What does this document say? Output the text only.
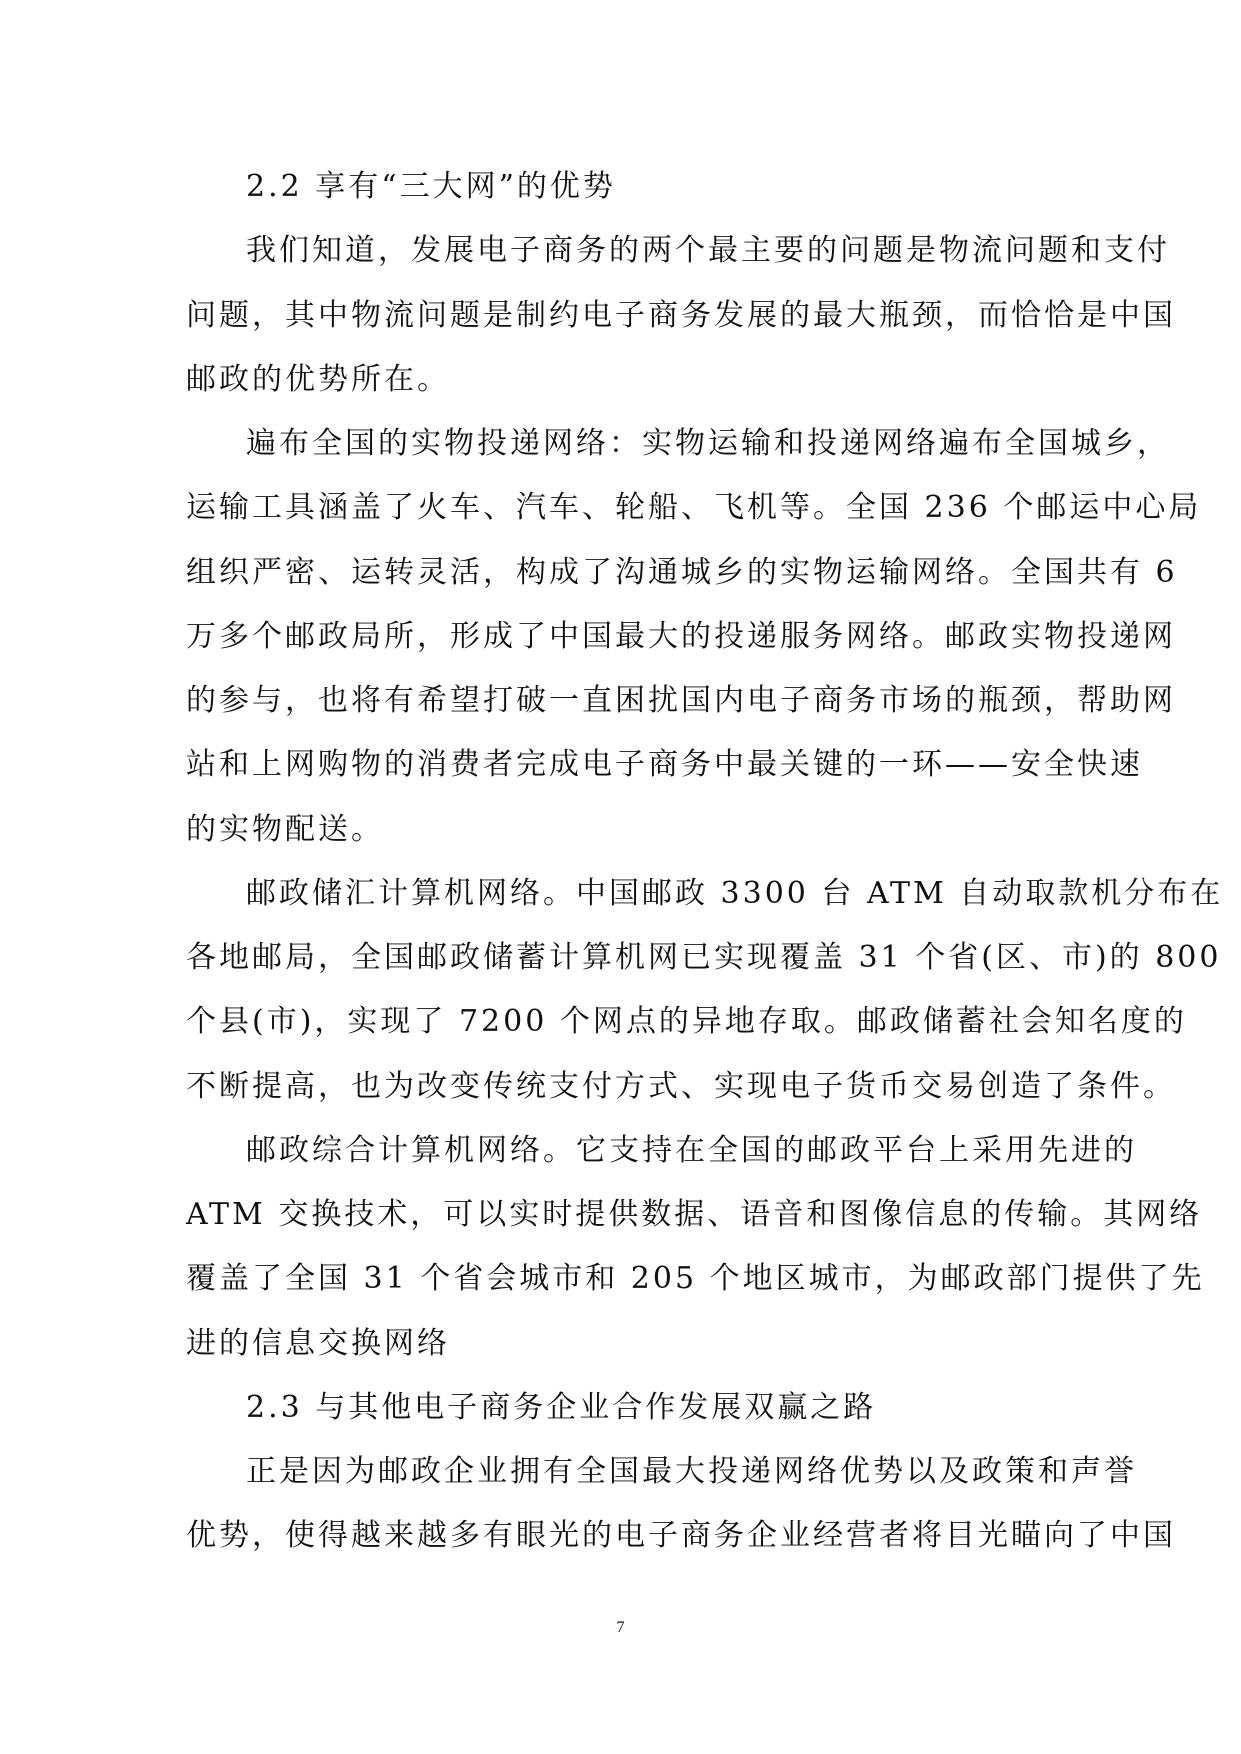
2.2 享有“三大网”的优势
我们知道，发展电子商务的两个最主要的问题是物流问题和支付
问题，其中物流问题是制约电子商务发展的最大瓶颈，而恰恰是中国
邮政的优势所在。
遍布全国的实物投递网络：实物运输和投递网络遍布全国城乡，
运输工具涵盖了火车、汽车、轮船、飞机等。全国 236 个邮运中心局
组织严密、运转灵活，构成了沟通城乡的实物运输网络。全国共有 6
万多个邮政局所，形成了中国最大的投递服务网络。邮政实物投递网
的参与，也将有希望打破一直困扰国内电子商务市场的瓶颈，帮助网
站和上网购物的消费者完成电子商务中最关键的一环——安全快速
的实物配送。
邮政储汇计算机网络。中国邮政 3300 台 ATM 自动取款机分布在
各地邮局，全国邮政储蓄计算机网已实现覆盖 31 个省(区、市)的 800
个县(市)，实现了 7200 个网点的异地存取。邮政储蓄社会知名度的
不断提高，也为改变传统支付方式、实现电子货币交易创造了条件。
邮政综合计算机网络。它支持在全国的邮政平台上采用先进的
ATM 交换技术，可以实时提供数据、语音和图像信息的传输。其网络
覆盖了全国 31 个省会城市和 205 个地区城市，为邮政部门提供了先
进的信息交换网络
2.3 与其他电子商务企业合作发展双赢之路
正是因为邮政企业拥有全国最大投递网络优势以及政策和声誉
优势，使得越来越多有眼光的电子商务企业经营者将目光瞄向了中国
7
